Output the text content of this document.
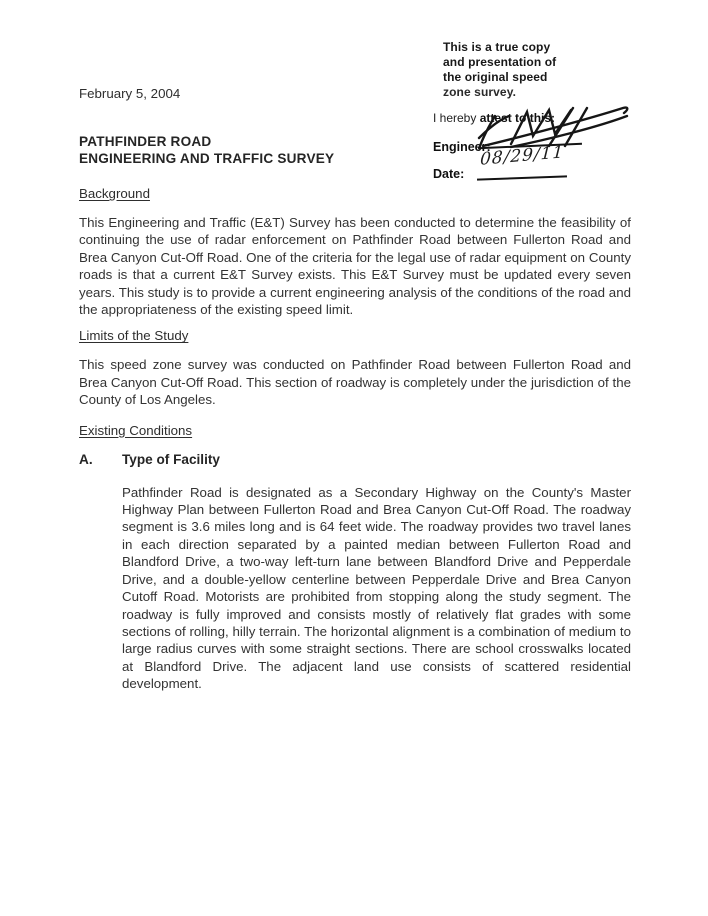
This is a true copy
and presentation of
the original speed
zone survey.
I hereby attest to this:
Engineer:
Date:
08/29/11
February 5, 2004
PATHFINDER ROAD
ENGINEERING AND TRAFFIC SURVEY
Background

This Engineering and Traffic (E&T) Survey has been conducted to determine the feasibility of continuing the use of radar enforcement on Pathfinder Road between Fullerton Road and Brea Canyon Cut-Off Road. One of the criteria for the legal use of radar equipment on County roads is that a current E&T Survey exists. This E&T Survey must be updated every seven years. This study is to provide a current engineering analysis of the conditions of the road and the appropriateness of the existing speed limit.

Limits of the Study

This speed zone survey was conducted on Pathfinder Road between Fullerton Road and Brea Canyon Cut-Off Road. This section of roadway is completely under the jurisdiction of the County of Los Angeles.

Existing Conditions
A. Type of Facility

Pathfinder Road is designated as a Secondary Highway on the County's Master Highway Plan between Fullerton Road and Brea Canyon Cut-Off Road. The roadway segment is 3.6 miles long and is 64 feet wide. The roadway provides two travel lanes in each direction separated by a painted median between Fullerton Road and Blandford Drive, a two-way left-turn lane between Blandford Drive and Pepperdale Drive, and a double-yellow centerline between Pepperdale Drive and Brea Canyon Cutoff Road. Motorists are prohibited from stopping along the study segment. The roadway is fully improved and consists mostly of relatively flat grades with some sections of rolling, hilly terrain. The horizontal alignment is a combination of medium to large radius curves with some straight sections. There are school crosswalks located at Blandford Drive. The adjacent land use consists of scattered residential development.
